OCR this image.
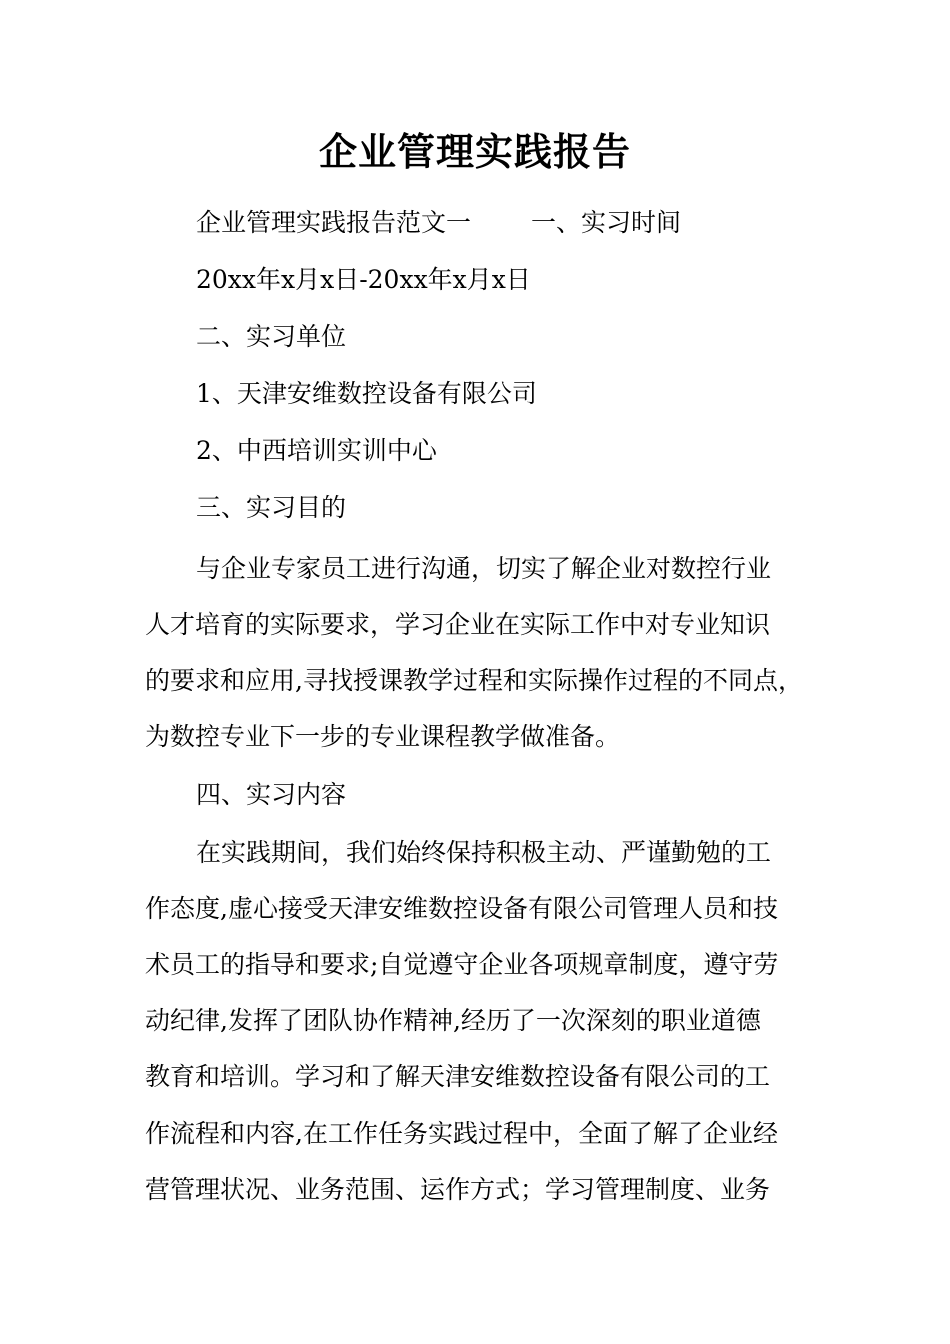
企业管理实践报告
企业管理实践报告范文一 一、实习时间
20xx年x月x日-20xx年x月x日
二、实习单位
1、天津安维数控设备有限公司
2、中西培训实训中心
三、实习目的
与企业专家员工进行沟通，切实了解企业对数控行业
人才培育的实际要求，学习企业在实际工作中对专业知识
的要求和应用,寻找授课教学过程和实际操作过程的不同点，
为数控专业下一步的专业课程教学做准备。
四、实习内容
在实践期间，我们始终保持积极主动、严谨勤勉的工
作态度,虚心接受天津安维数控设备有限公司管理人员和技
术员工的指导和要求;自觉遵守企业各项规章制度，遵守劳
动纪律,发挥了团队协作精神,经历了一次深刻的职业道德
教育和培训。学习和了解天津安维数控设备有限公司的工
作流程和内容,在工作任务实践过程中，全面了解了企业经
营管理状况、业务范围、运作方式；学习管理制度、业务
